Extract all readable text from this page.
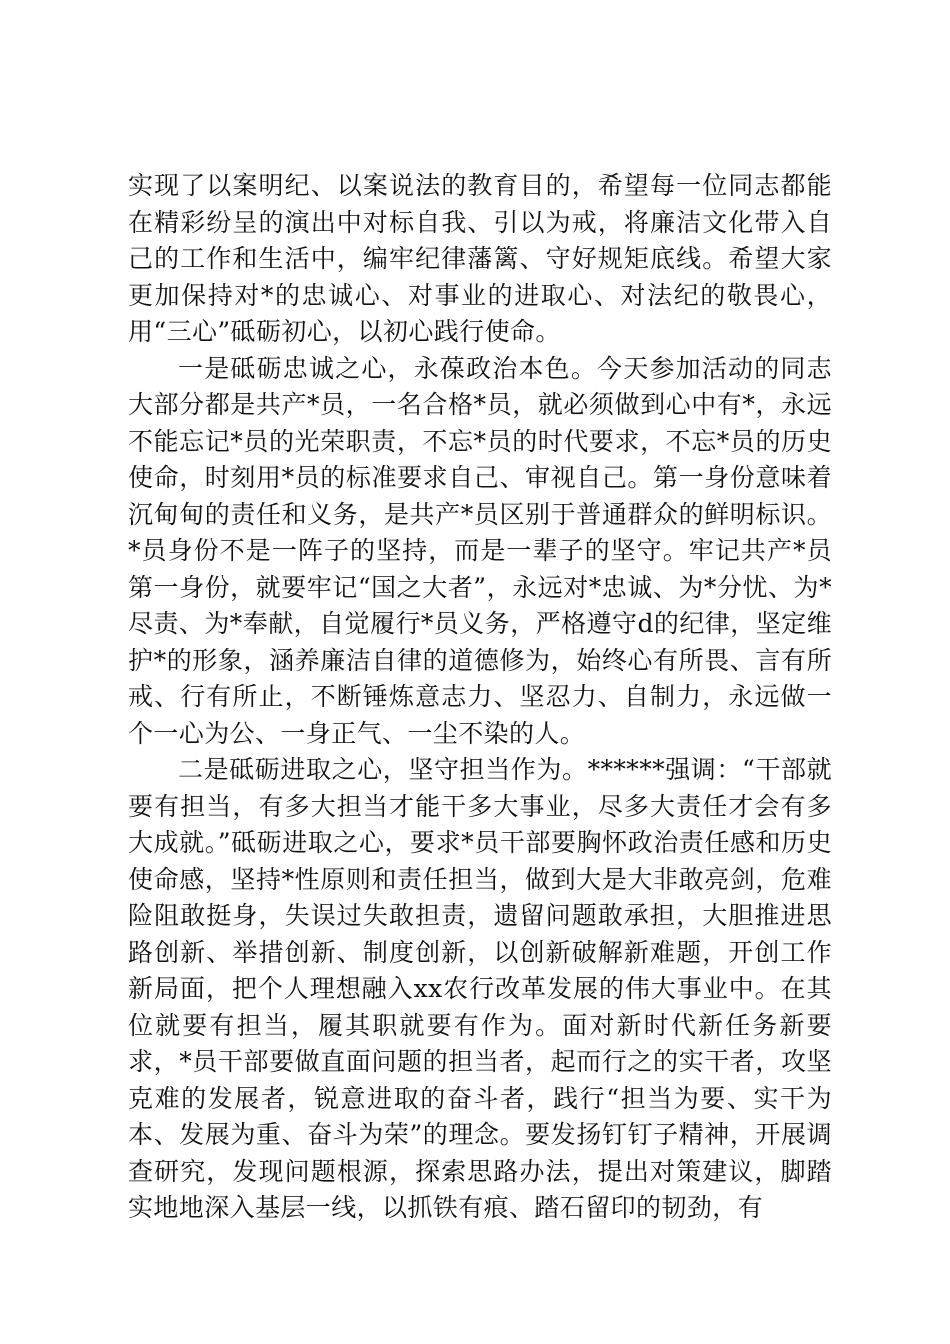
实现了以案明纪、以案说法的教育目的，希望每一位同志都能在精彩纷呈的演出中对标自我、引以为戒，将廉洁文化带入自己的工作和生活中，编牢纪律藩篱、守好规矩底线。希望大家更加保持对*的忠诚心、对事业的进取心、对法纪的敬畏心，用“三心”砥砺初心，以初心践行使命。

一是砥砺忠诚之心，永葆政治本色。今天参加活动的同志大部分都是共产*员，一名合格*员，就必须做到心中有*，永远不能忘记*员的光荣职责，不忘*员的时代要求，不忘*员的历史使命，时刻用*员的标准要求自己、审视自己。第一身份意味着沉甸甸的责任和义务，是共产*员区别于普通群众的鲜明标识。*员身份不是一阵子的坚持，而是一辈子的坚守。牢记共产*员第一身份，就要牢记“国之大者”，永远对*忠诚、为*分忧、为*尽责、为*奉献，自觉履行*员义务，严格遵守d的纪律，坚定维护*的形象，涵养廉洁自律的道德修为，始终心有所畏、言有所戒、行有所止，不断锤炼意志力、坚忍力、自制力，永远做一个一心为公、一身正气、一尘不染的人。

二是砥砺进取之心，坚守担当作为。******强调：“干部就要有担当，有多大担当才能干多大事业，尽多大责任才会有多大成就。”砥砺进取之心，要求*员干部要胸怀政治责任感和历史使命感，坚持*性原则和责任担当，做到大是大非敢亮剑，危难险阻敢挺身，失误过失敢担责，遗留问题敢承担，大胆推进思路创新、举措创新、制度创新，以创新破解新难题，开创工作新局面，把个人理想融入xx农行改革发展的伟大事业中。在其位就要有担当，履其职就要有作为。面对新时代新任务新要求，*员干部要做直面问题的担当者，起而行之的实干者，攻坚克难的发展者，锐意进取的奋斗者，践行“担当为要、实干为本、发展为重、奋斗为荣”的理念。要发扬钉钉子精神，开展调查研究，发现问题根源，探索思路办法，提出对策建议，脚踏实地地深入基层一线，以抓铁有痕、踏石留印的韧劲，有
